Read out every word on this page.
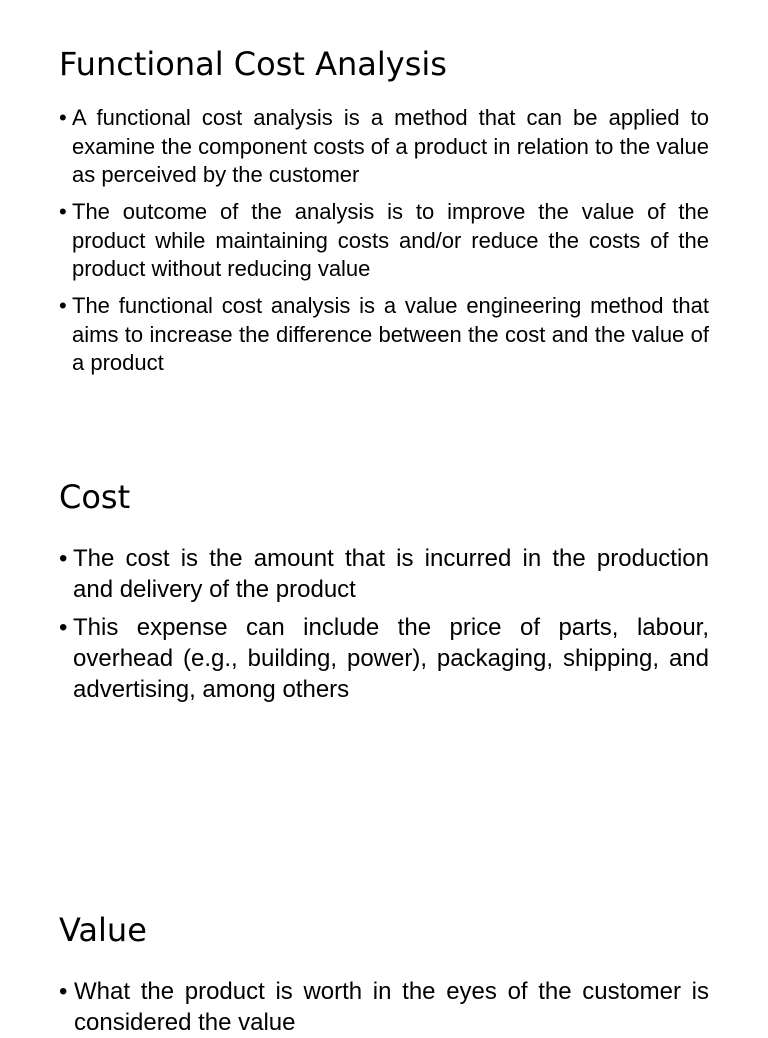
Functional Cost Analysis
• A functional cost analysis is a method that can be applied to examine the component costs of a product in relation to the value as perceived by the customer
• The outcome of the analysis is to improve the value of the product while maintaining costs and/or reduce the costs of the product without reducing value
• The functional cost analysis is a value engineering method that aims to increase the difference between the cost and the value of a product
Cost
• The cost is the amount that is incurred in the production and delivery of the product
• This expense can include the price of parts, labour, overhead (e.g., building, power), packaging, shipping, and advertising, among others
Value
• What the product is worth in the eyes of the customer is considered the value
